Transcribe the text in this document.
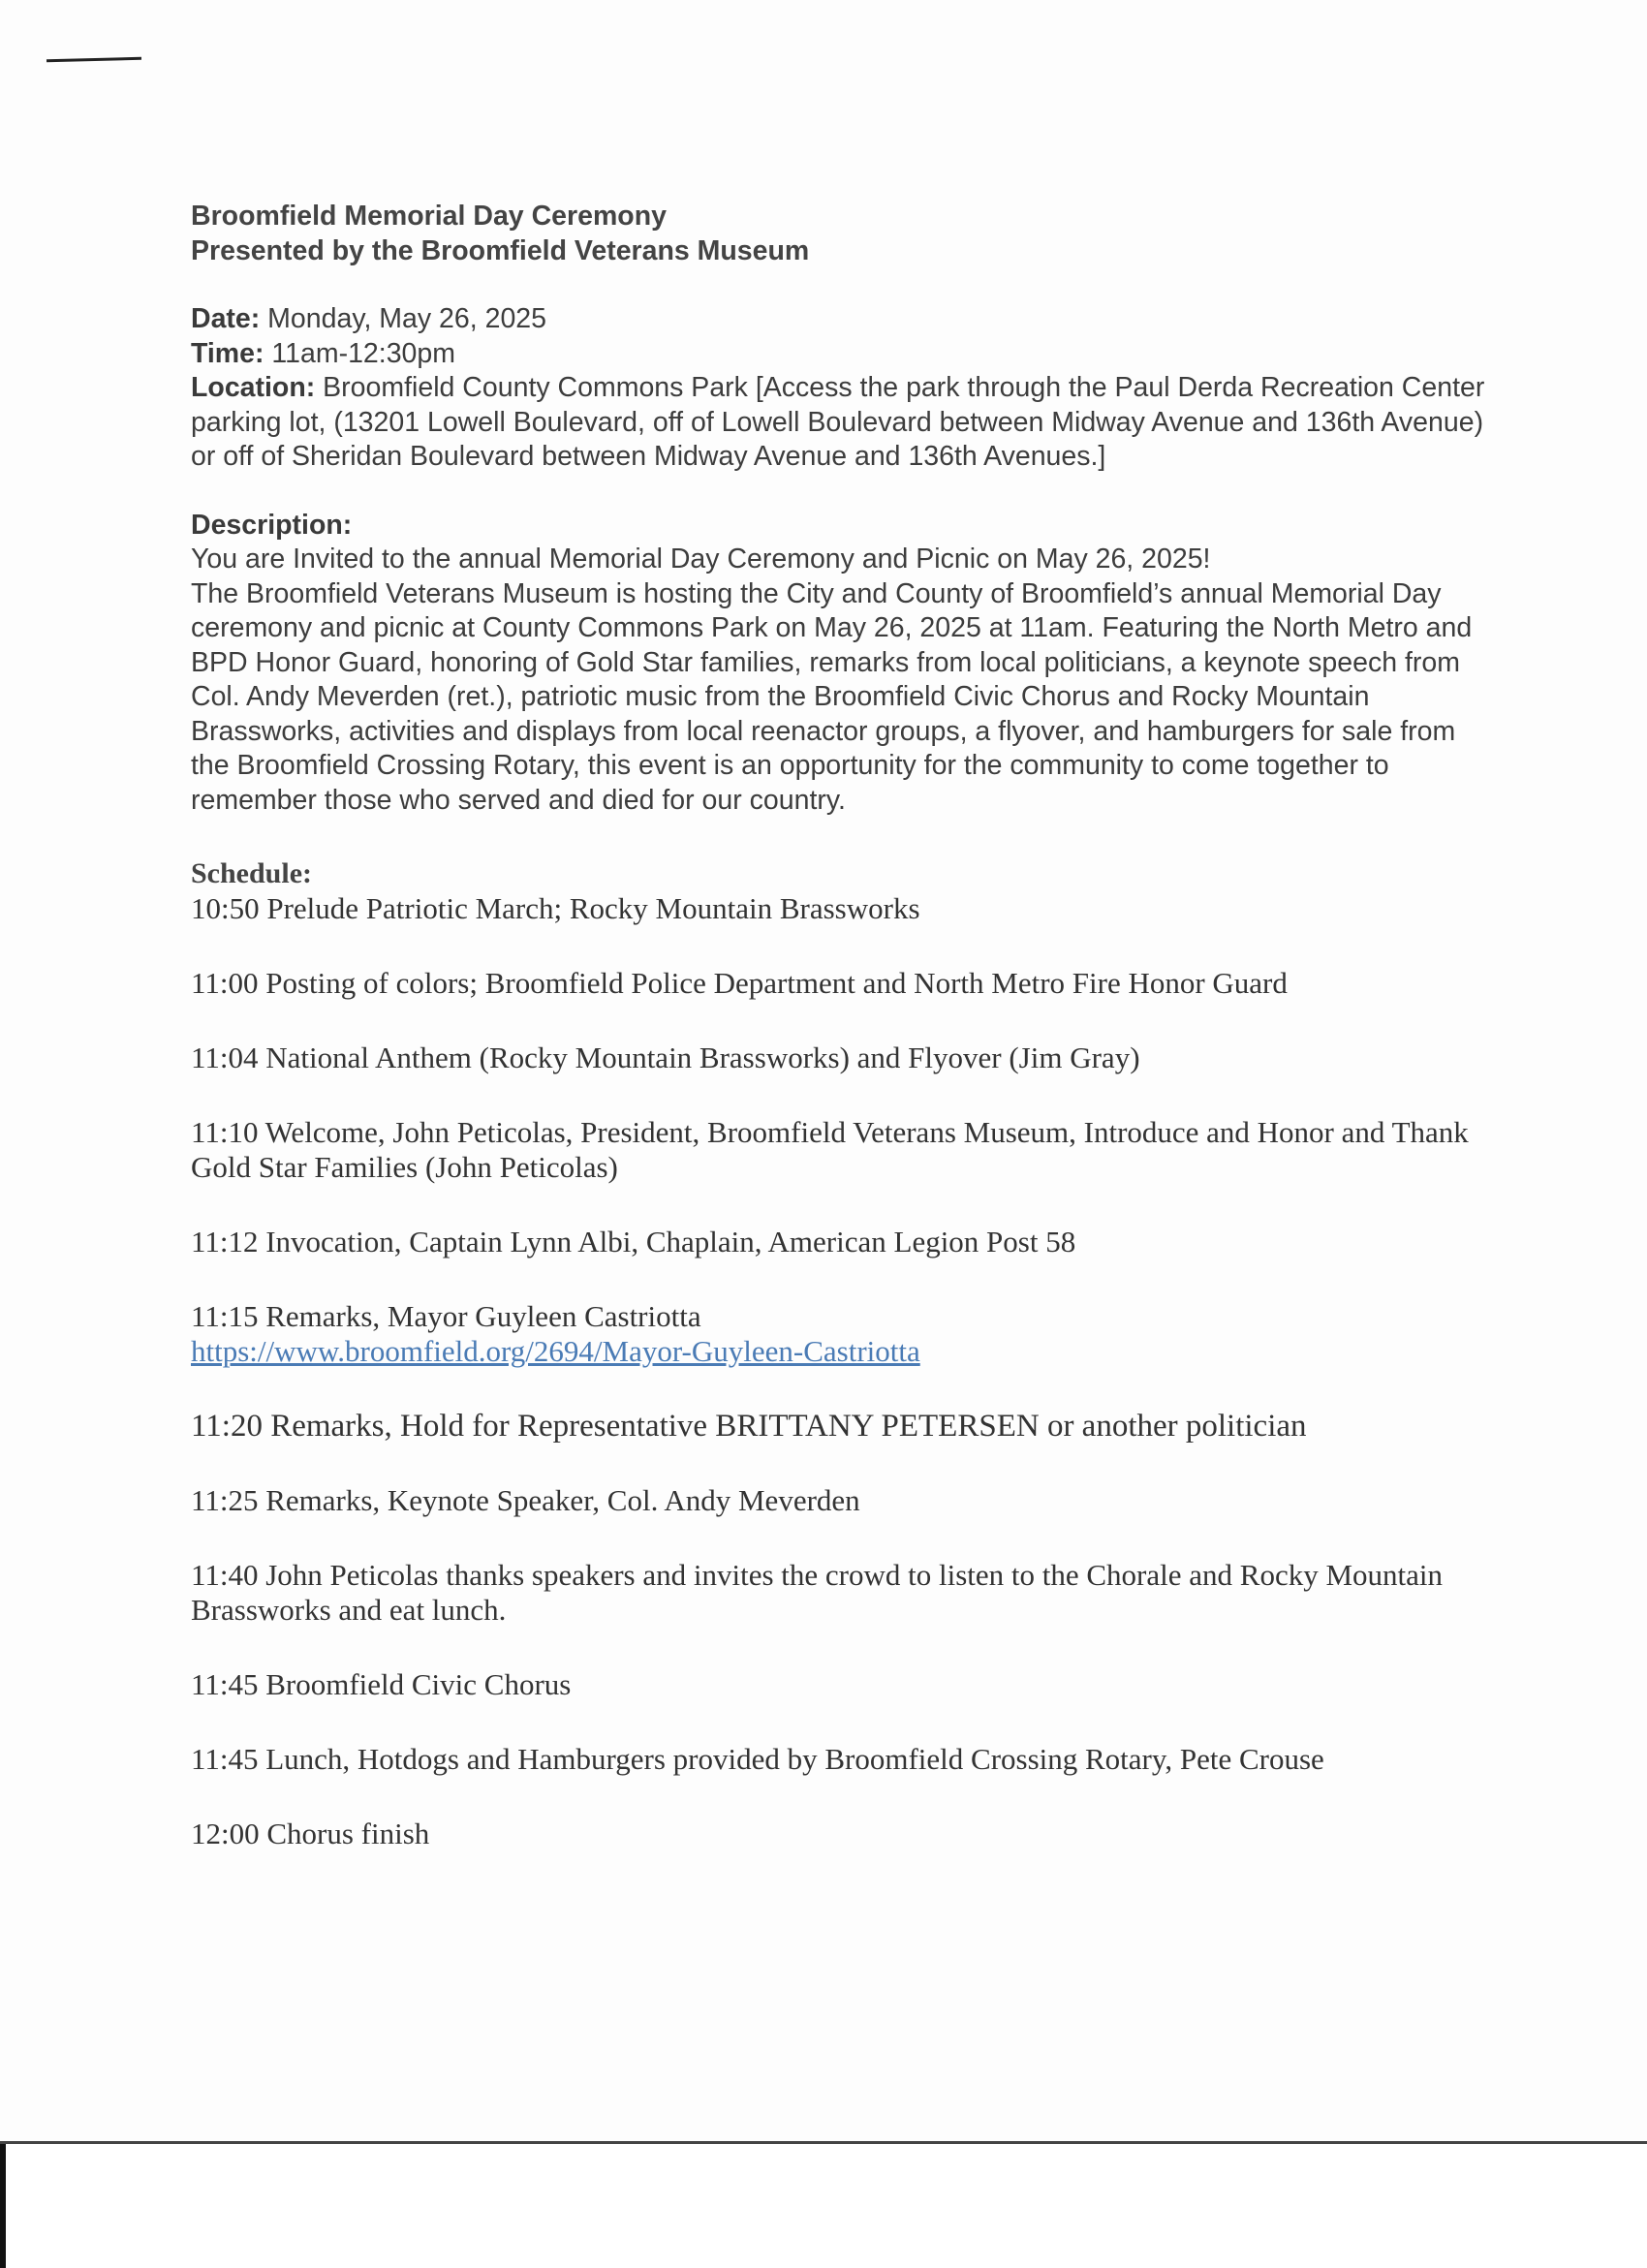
Broomfield Memorial Day Ceremony
Presented by the Broomfield Veterans Museum
Date: Monday, May 26, 2025
Time: 11am-12:30pm
Location: Broomfield County Commons Park [Access the park through the Paul Derda Recreation Center parking lot, (13201 Lowell Boulevard, off of Lowell Boulevard between Midway Avenue and 136th Avenue) or off of Sheridan Boulevard between Midway Avenue and 136th Avenues.]
Description:
You are Invited to the annual Memorial Day Ceremony and Picnic on May 26, 2025!
The Broomfield Veterans Museum is hosting the City and County of Broomfield’s annual Memorial Day ceremony and picnic at County Commons Park on May 26, 2025 at 11am. Featuring the North Metro and BPD Honor Guard, honoring of Gold Star families, remarks from local politicians, a keynote speech from Col. Andy Meverden (ret.), patriotic music from the Broomfield Civic Chorus and Rocky Mountain Brassworks, activities and displays from local reenactor groups, a flyover, and hamburgers for sale from the Broomfield Crossing Rotary, this event is an opportunity for the community to come together to remember those who served and died for our country.
Schedule:
10:50 Prelude Patriotic March; Rocky Mountain Brassworks
11:00 Posting of colors; Broomfield Police Department and North Metro Fire Honor Guard
11:04 National Anthem (Rocky Mountain Brassworks) and Flyover (Jim Gray)
11:10 Welcome, John Peticolas, President, Broomfield Veterans Museum, Introduce and Honor and Thank Gold Star Families (John Peticolas)
11:12 Invocation, Captain Lynn Albi, Chaplain, American Legion Post 58
11:15 Remarks, Mayor Guyleen Castriotta
https://www.broomfield.org/2694/Mayor-Guyleen-Castriotta
11:20 Remarks, Hold for Representative BRITTANY PETERSEN or another politician
11:25 Remarks, Keynote Speaker, Col. Andy Meverden
11:40 John Peticolas thanks speakers and invites the crowd to listen to the Chorale and Rocky Mountain Brassworks and eat lunch.
11:45 Broomfield Civic Chorus
11:45 Lunch, Hotdogs and Hamburgers provided by Broomfield Crossing Rotary, Pete Crouse
12:00 Chorus finish
